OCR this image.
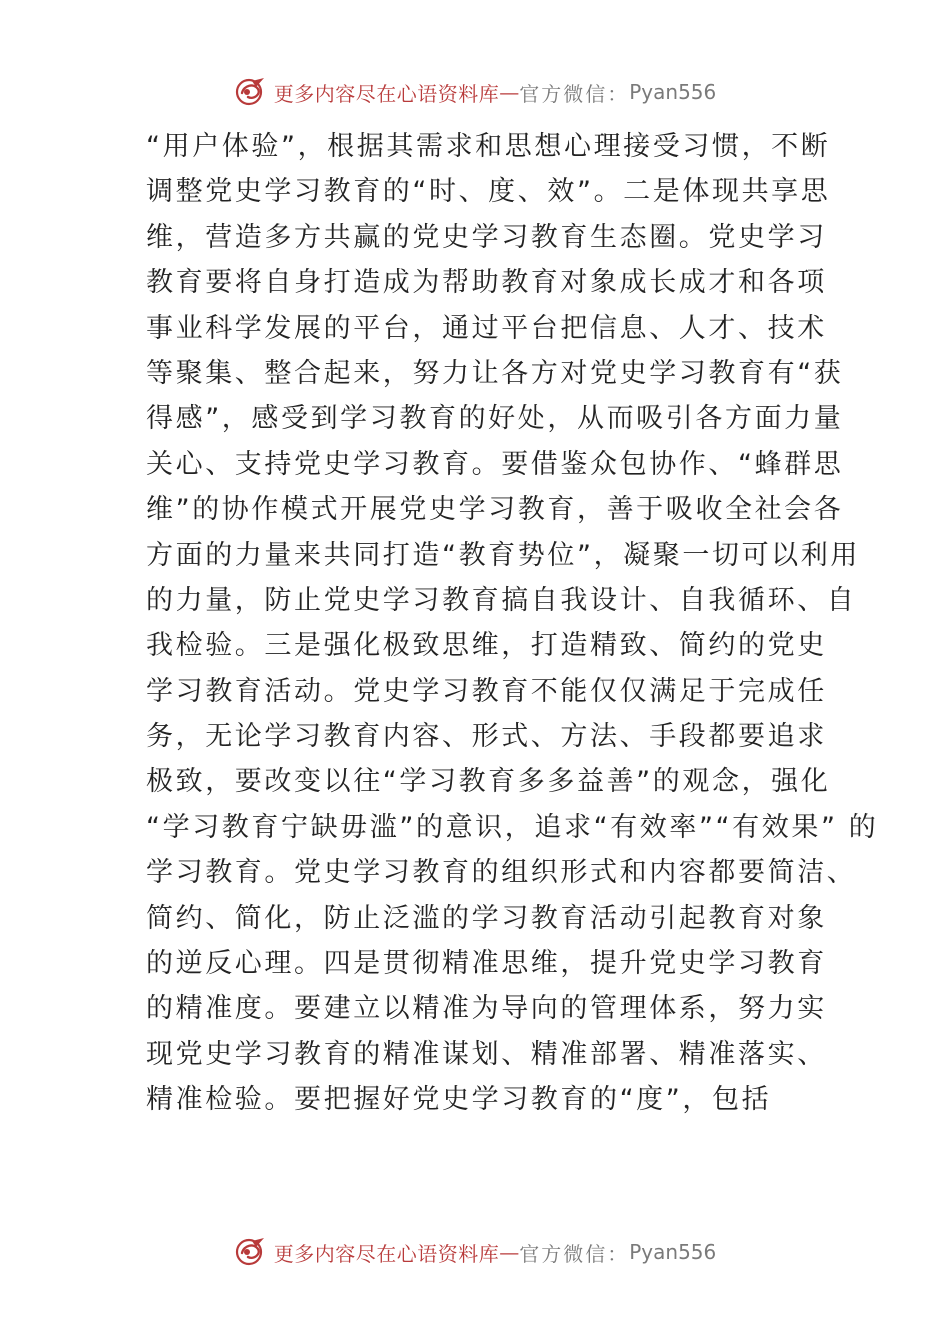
更多内容尽在心语资料库 — 官方微信： Pyan556
“用户体验”，根据其需求和思想心理接受习惯，不断
调整党史学习教育的“时、度、效”。二是体现共享思
维，营造多方共赢的党史学习教育生态圈。党史学习
教育要将自身打造成为帮助教育对象成长成才和各项
事业科学发展的平台，通过平台把信息、人才、技术
等聚集、整合起来，努力让各方对党史学习教育有“获
得感”，感受到学习教育的好处，从而吸引各方面力量
关心、支持党史学习教育。要借鉴众包协作、“蜂群思
维”的协作模式开展党史学习教育，善于吸收全社会各
方面的力量来共同打造“教育势位”，凝聚一切可以利用
的力量，防止党史学习教育搞自我设计、自我循环、自
我检验。三是强化极致思维，打造精致、简约的党史
学习教育活动。党史学习教育不能仅仅满足于完成任
务，无论学习教育内容、形式、方法、手段都要追求
极致，要改变以往“学习教育多多益善”的观念，强化
“学习教育宁缺毋滥”的意识，追求“有效率”“有效果” 的
学习教育。党史学习教育的组织形式和内容都要简洁、
简约、简化，防止泛滥的学习教育活动引起教育对象
的逆反心理。四是贯彻精准思维，提升党史学习教育
的精准度。要建立以精准为导向的管理体系，努力实
现党史学习教育的精准谋划、精准部署、精准落实、
精准检验。要把握好党史学习教育的“度”，包括
更多内容尽在心语资料库 — 官方微信： Pyan556
